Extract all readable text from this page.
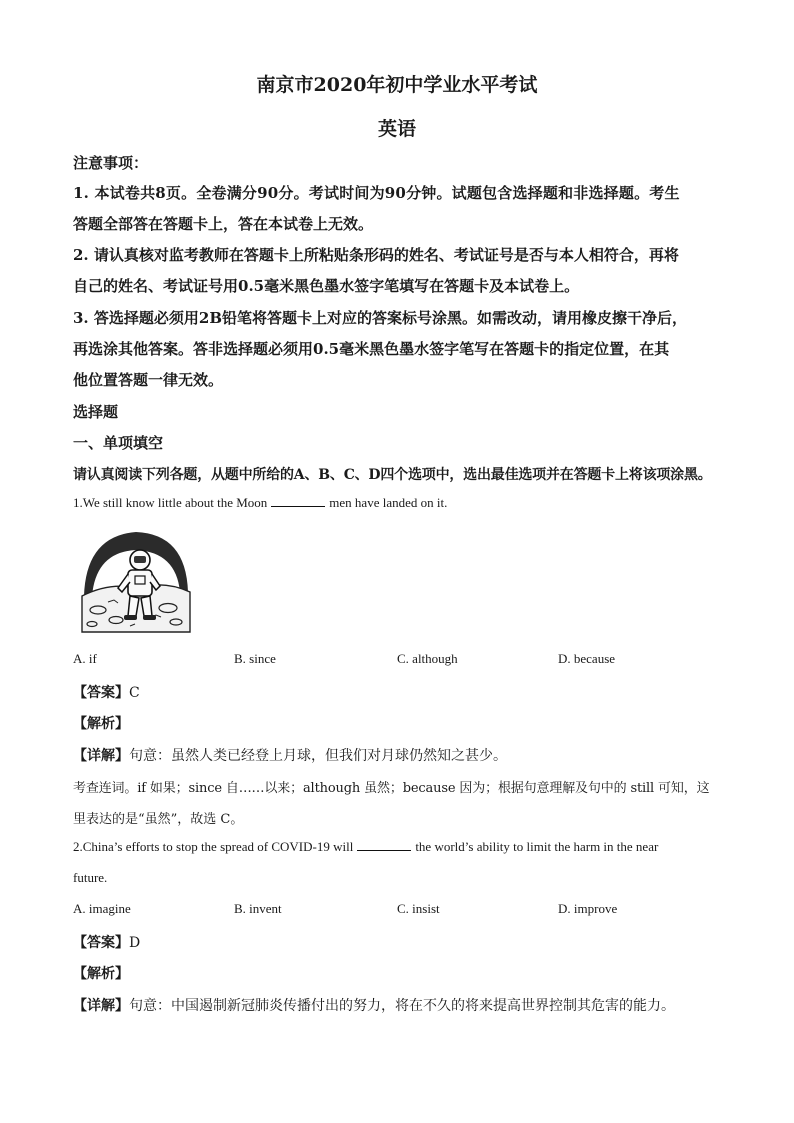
南京市2020年初中学业水平考试
英语
注意事项：
1. 本试卷共8页。全卷满分90分。考试时间为90分钟。试题包含选择题和非选择题。考生
答题全部答在答题卡上，答在本试卷上无效。
2. 请认真核对监考教师在答题卡上所粘贴条形码的姓名、考试证号是否与本人相符合，再将
自己的姓名、考试证号用0.5毫米黑色墨水签字笔填写在答题卡及本试卷上。
3. 答选择题必须用2B铅笔将答题卡上对应的答案标号涂黑。如需改动，请用橡皮擦干净后，
再选涂其他答案。答非选择题必须用0.5毫米黑色墨水签字笔写在答题卡的指定位置，在其
他位置答题一律无效。
选择题
一、单项填空
请认真阅读下列各题，从题中所给的A、B、C、D四个选项中，选出最佳选项并在答题卡上将该项涂黑。
1.We still know little about the Moon	men have landed on it.
A. if	B. since	C. although	D. because
【答案】C
【解析】
【详解】句意：虽然人类已经登上月球，但我们对月球仍然知之甚少。
考查连词。if 如果；since 自……以来；although 虽然；because 因为；根据句意理解及句中的 still 可知，这
里表达的是“虽然”，故选 C。
2.China’s efforts to stop the spread of COVID-19 will	the world’s ability to limit the harm in the near
future.
A. imagine	B. invent	C. insist	D. improve
【答案】D
【解析】
【详解】句意：中国遏制新冠肺炎传播付出的努力，将在不久的将来提高世界控制其危害的能力。
